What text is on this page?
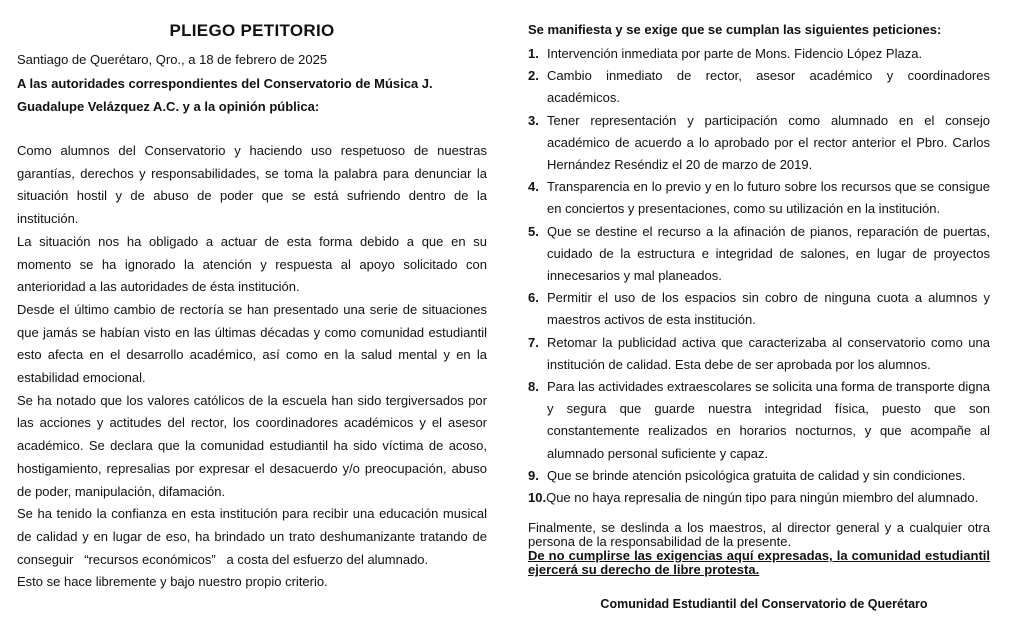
PLIEGO PETITORIO
Santiago de Querétaro, Qro., a 18 de febrero de 2025
A las autoridades correspondientes del Conservatorio de Música J.
Guadalupe Velázquez A.C. y a la opinión pública:

Como alumnos del Conservatorio y haciendo uso respetuoso de nuestras garantías, derechos y responsabilidades, se toma la palabra para denunciar la situación hostil y de abuso de poder que se está sufriendo dentro de la institución.

La situación nos ha obligado a actuar de esta forma debido a que en su momento se ha ignorado la atención y respuesta al apoyo solicitado con anterioridad a las autoridades de ésta institución.

Desde el último cambio de rectoría se han presentado una serie de situaciones que jamás se habían visto en las últimas décadas y como comunidad estudiantil esto afecta en el desarrollo académico, así como en la salud mental y en la estabilidad emocional.

Se ha notado que los valores católicos de la escuela han sido tergiversados por las acciones y actitudes del rector, los coordinadores académicos y el asesor académico. Se declara que la comunidad estudiantil ha sido víctima de acoso, hostigamiento, represalias por expresar el desacuerdo y/o preocupación, abuso de poder, manipulación, difamación.

Se ha tenido la confianza en esta institución para recibir una educación musical de calidad y en lugar de eso, ha brindado un trato deshumanizante tratando de conseguir   “recursos económicos”   a costa del esfuerzo del alumnado.

Esto se hace libremente y bajo nuestro propio criterio.

Se manifiesta y se exige que se cumplan las siguientes peticiones:
1. Intervención inmediata por parte de Mons. Fidencio López Plaza.
2. Cambio inmediato de rector, asesor académico y coordinadores académicos.
3. Tener representación y participación como alumnado en el consejo académico de acuerdo a lo aprobado por el rector anterior el Pbro. Carlos Hernández Reséndiz el 20 de marzo de 2019.
4. Transparencia en lo previo y en lo futuro sobre los recursos que se consigue en conciertos y presentaciones, como su utilización en la institución.
5. Que se destine el recurso a la afinación de pianos, reparación de puertas, cuidado de la estructura e integridad de salones, en lugar de proyectos innecesarios y mal planeados.
6. Permitir el uso de los espacios sin cobro de ninguna cuota a alumnos y maestros activos de esta institución.
7. Retomar la publicidad activa que caracterizaba al conservatorio como una institución de calidad. Esta debe de ser aprobada por los alumnos.
8. Para las actividades extraescolares se solicita una forma de transporte digna y segura que guarde nuestra integridad física, puesto que son constantemente realizados en horarios nocturnos, y que acompañe al alumnado personal suficiente y capaz.
9. Que se brinde atención psicológica gratuita de calidad y sin condiciones.
10.Que no haya represalia de ningún tipo para ningún miembro del alumnado.
Finalmente, se deslinda a los maestros, al director general y a cualquier otra persona de la responsabilidad de la presente.
De no cumplirse las exigencias aquí expresadas, la comunidad estudiantil ejercerá su derecho de libre protesta.
Comunidad Estudiantil del Conservatorio de Querétaro
